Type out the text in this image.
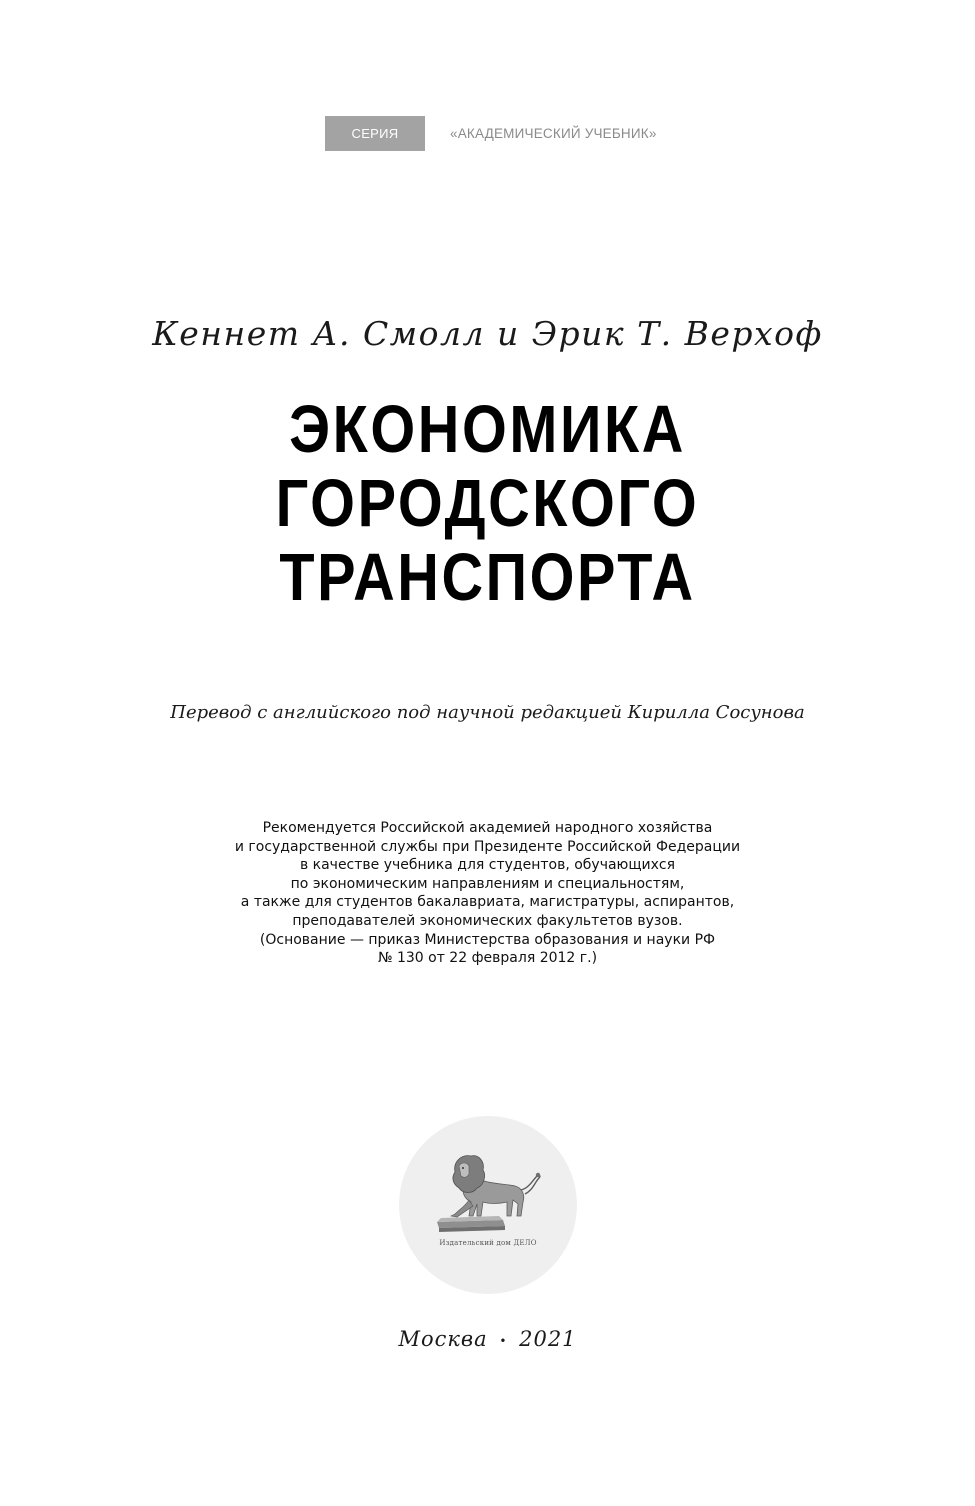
СЕРИЯ	«АКАДЕМИЧЕСКИЙ УЧЕБНИК»
Кеннет А. Смолл и Эрик Т. Верхоф
ЭКОНОМИКА
ГОРОДСКОГО
ТРАНСПОРТА
Перевод с английского под научной редакцией Кирилла Сосунова
Рекомендуется Российской академией народного хозяйства
и государственной службы при Президенте Российской Федерации
в качестве учебника для студентов, обучающихся
по экономическим направлениям и специальностям,
а также для студентов бакалавриата, магистратуры, аспирантов,
преподавателей экономических факультетов вузов.
(Основание — приказ Министерства образования и науки РФ
№ 130 от 22 февраля 2012 г.)
Издательский дом ДЕЛО
Москва • 2021
